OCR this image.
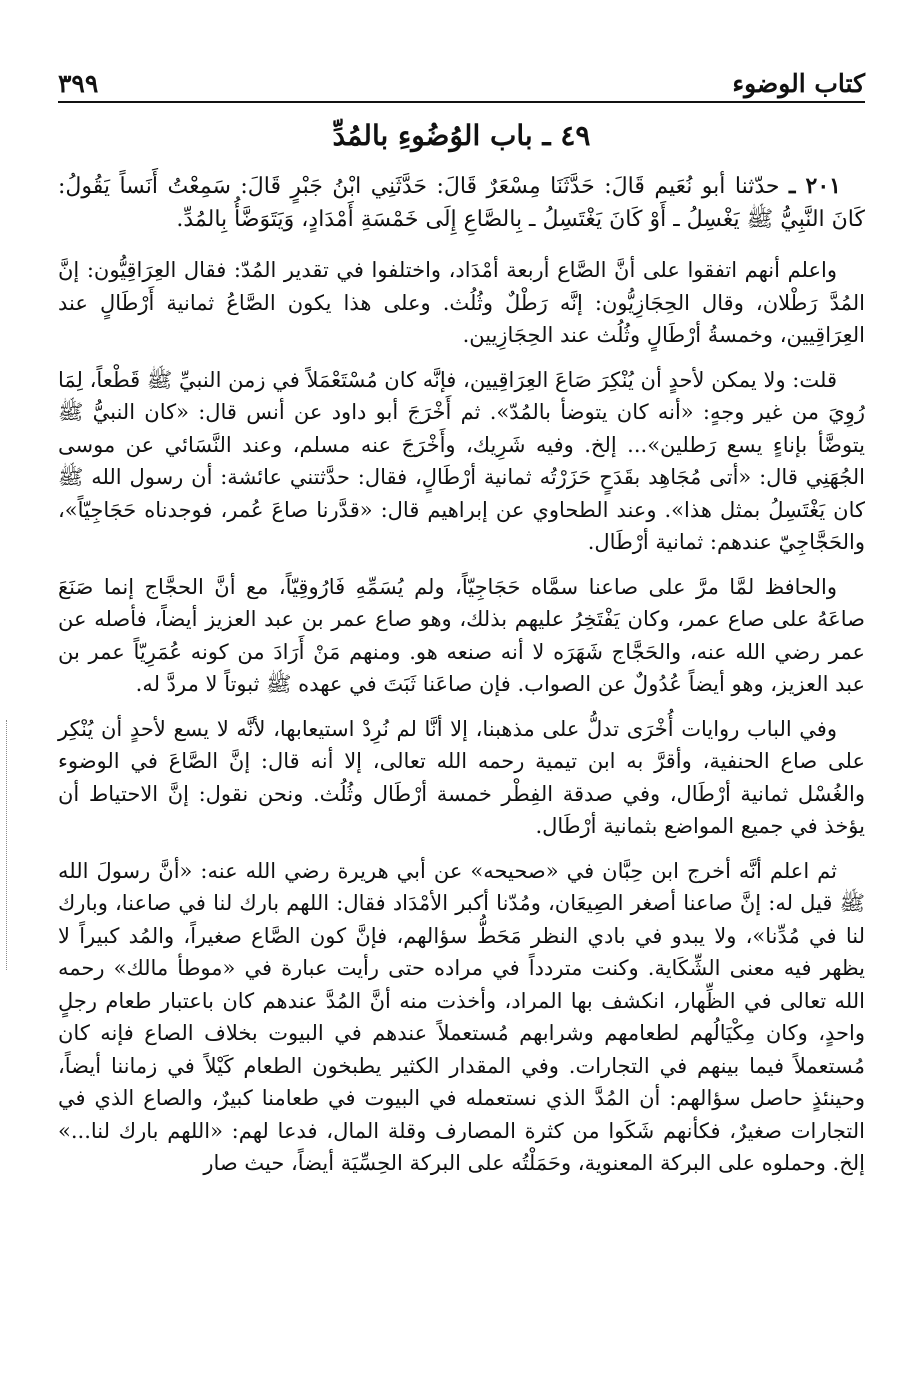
كتاب الوضوء
٣٩٩
٤٩ ـ باب الوُضُوءِ بالمُدِّ

٢٠١ ـ حدّثنا أبو نُعَيم قَالَ: حَدَّثَنَا مِسْعَرٌ قَالَ: حَدَّثَنِي ابْنُ جَبْرٍ قَالَ: سَمِعْتُ أَنَساً يَقُولُ: كَانَ النَّبِيُّ ﷺ يَغْسِلُ ـ أَوْ كَانَ يَغْتَسِلُ ـ بِالصَّاعِ إِلَى خَمْسَةِ أَمْدَادٍ، وَيَتَوَضَّأُ بِالمُدِّ.

واعلم أنهم اتفقوا على أنَّ الصَّاع أربعة أمْدَاد، واختلفوا في تقدير المُدّ: فقال العِرَاقِيُّون: إنَّ المُدَّ رَطْلان، وقال الحِجَازِيُّون: إنَّه رَطْلٌ وثُلُث. وعلى هذا يكون الصَّاعُ ثمانية أَرْطَالٍ عند العِرَاقِيين، وخمسةُ أرْطَالٍ وثُلُث عند الحِجَازِيين.

قلت: ولا يمكن لأحدٍ أن يُنْكِرَ صَاعَ العِرَاقِيين، فإنَّه كان مُسْتَعْمَلاً في زمن النبيِّ ﷺ قَطْعاً، لِمَا رُوِيَ من غير وجهٍ: «أنه كان يتوضأ بالمُدّ». ثم أَخْرَجَ أبو داود عن أنس قال: «كان النبيُّ ﷺ يتوضَّأ بإناءٍ يسع رَطلين»... إلخ. وفيه شَرِيك، وأَخْرَجَ عنه مسلم، وعند النَّسَائي عن موسى الجُهَنِي قال: «أتى مُجَاهِد بقَدَحٍ حَزَرْتُه ثمانية أرْطَالٍ، فقال: حدَّثتني عائشة: أن رسول الله ﷺ كان يَغْتَسِلُ بمثل هذا». وعند الطحاوي عن إبراهيم قال: «قدَّرنا صاعَ عُمر، فوجدناه حَجَاجِيّاً»، والحَجَّاجِيّ عندهم: ثمانية أرْطَال.

والحافظ لمَّا مرَّ على صاعنا سمَّاه حَجَاجِيّاً، ولم يُسَمِّهِ فَارُوقِيّاً، مع أنَّ الحجَّاج إنما صَنَعَ صاعَهُ على صاع عمر، وكان يَفْتَخِرُ عليهم بذلك، وهو صاع عمر بن عبد العزيز أيضاً، فأصله عن عمر رضي الله عنه، والحَجَّاج شَهَرَه لا أنه صنعه هو. ومنهم مَنْ أَرَادَ من كونه عُمَرِيّاً عمر بن عبد العزيز، وهو أيضاً عُدُولٌ عن الصواب. فإن صاعَنا ثَبَتَ في عهده ﷺ ثبوتاً لا مردَّ له.

وفي الباب روايات أُخْرَى تدلُّ على مذهبنا، إلا أنَّا لم نُرِدْ استيعابها، لأنَّه لا يسع لأحدٍ أن يُنْكِر على صاع الحنفية، وأقرَّ به ابن تيمية رحمه الله تعالى، إلا أنه قال: إنَّ الصَّاعَ في الوضوء والغُسْل ثمانية أرْطَال، وفي صدقة الفِطْر خمسة أرْطَال وثُلُث. ونحن نقول: إنَّ الاحتياط أن يؤخذ في جميع المواضع بثمانية أرْطَال.

ثم اعلم أنَّه أخرج ابن حِبَّان في «صحيحه» عن أبي هريرة رضي الله عنه: «أنَّ رسولَ الله ﷺ قيل له: إنَّ صاعنا أصغر الصِيعَان، ومُدّنا أكبر الأمْدَاد فقال: اللهم بارك لنا في صاعنا، وبارك لنا في مُدِّنا»، ولا يبدو في بادي النظر مَحَطُّ سؤالهم، فإنَّ كون الصَّاع صغيراً، والمُد كبيراً لا يظهر فيه معنى الشِّكَاية. وكنت متردداً في مراده حتى رأيت عبارة في «موطأ مالك» رحمه الله تعالى في الظِّهار، انكشف بها المراد، وأخذت منه أنَّ المُدَّ عندهم كان باعتبار طعام رجلٍ واحدٍ، وكان مِكْيَالُهم لطعامهم وشرابهم مُستعملاً عندهم في البيوت بخلاف الصاع فإنه كان مُستعملاً فيما بينهم في التجارات. وفي المقدار الكثير يطبخون الطعام كَيْلاً في زماننا أيضاً، وحينئذٍ حاصل سؤالهم: أن المُدَّ الذي نستعمله في البيوت في طعامنا كبيرٌ، والصاع الذي في التجارات صغيرٌ، فكأنهم شَكَوا من كثرة المصارف وقلة المال، فدعا لهم: «اللهم بارك لنا...» إلخ. وحملوه على البركة المعنوية، وحَمَلْتُه على البركة الحِسِّيَة أيضاً، حيث صار
